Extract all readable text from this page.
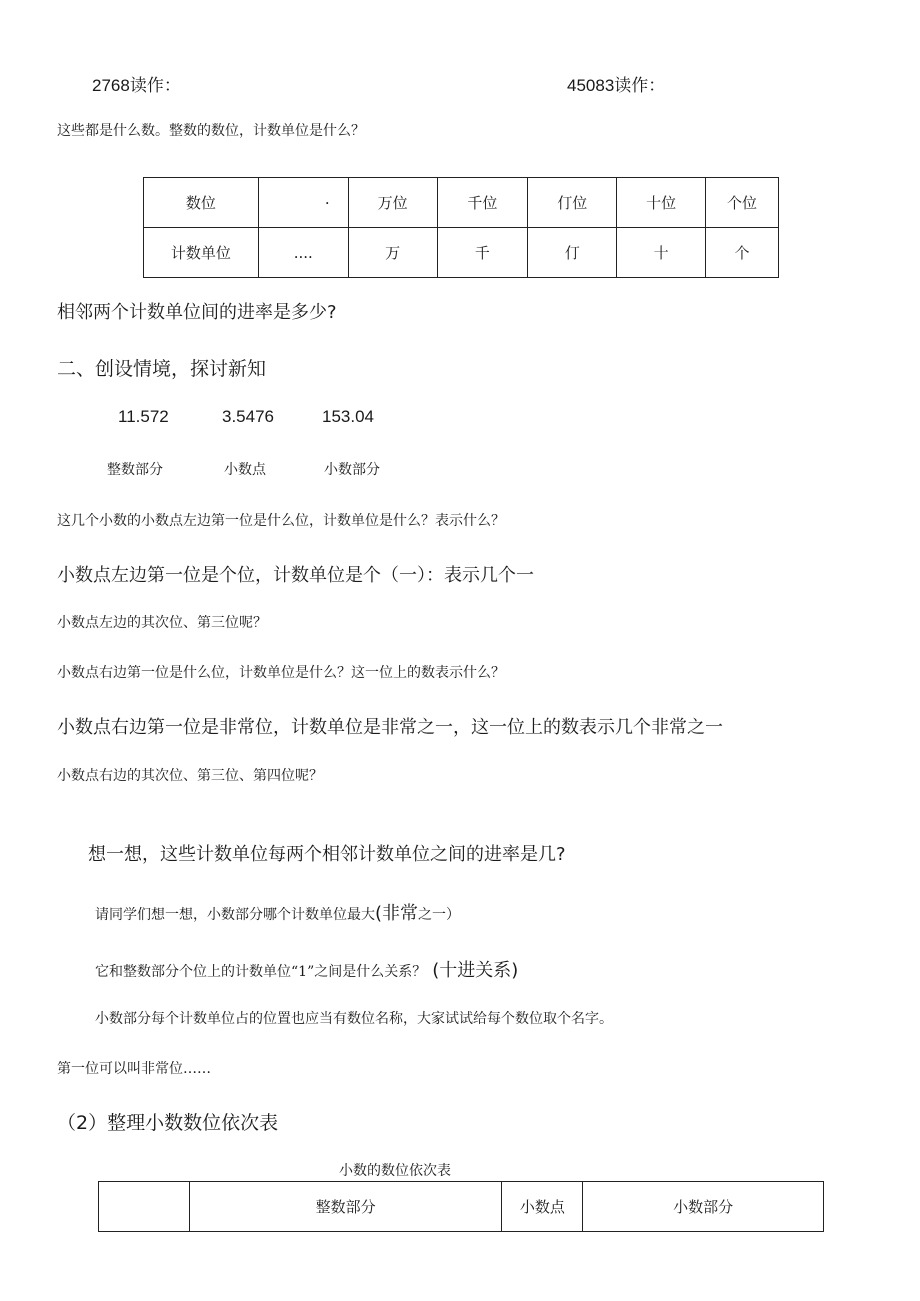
2768读作：	45083读作：
这些都是什么数。整数的数位，计数单位是什么？
数位	·	万位	千位	仃位	十位	个位
计数单位	....	万	千	仃	十	个
相邻两个计数单位间的进率是多少?
二、创设情境，探讨新知
11.572	3.5476	153.04
整数部分	小数点	小数部分
这几个小数的小数点左边第一位是什么位，计数单位是什么？表示什么？
小数点左边第一位是个位，计数单位是个（一）：表示几个一
小数点左边的其次位、第三位呢？
小数点右边第一位是什么位，计数单位是什么？这一位上的数表示什么？
小数点右边第一位是非常位，计数单位是非常之一，这一位上的数表示几个非常之一
小数点右边的其次位、第三位、第四位呢？
想一想，这些计数单位每两个相邻计数单位之间的进率是几?
请同学们想一想，小数部分哪个计数单位最大(非常之一）
它和整数部分个位上的计数单位“1”之间是什么关系？ (十进关系)
小数部分每个计数单位占的位置也应当有数位名称，大家试试给每个数位取个名字。
第一位可以叫非常位……
（2）整理小数数位依次表
小数的数位依次表
	整数部分	小数点	小数部分
